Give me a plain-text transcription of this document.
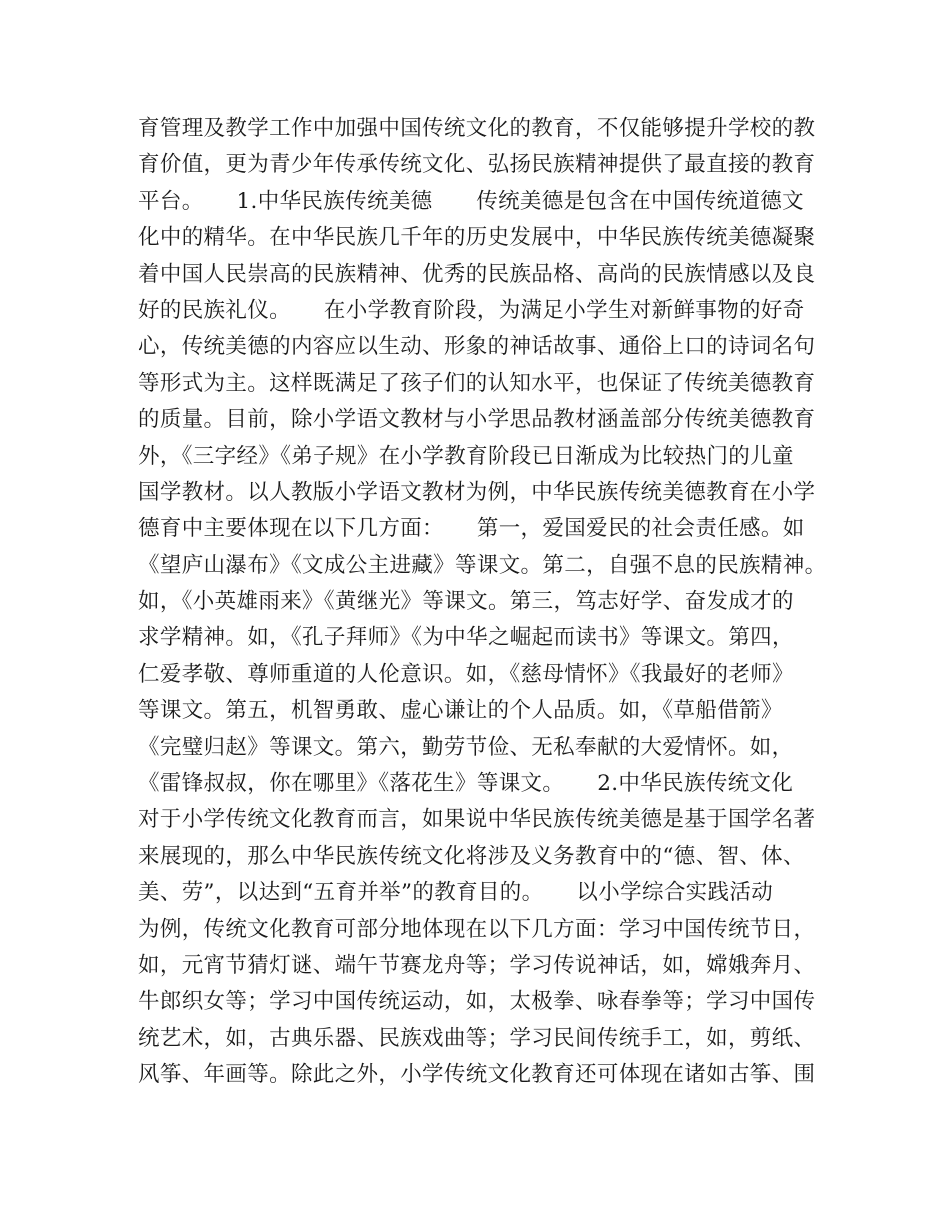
育管理及教学工作中加强中国传统文化的教育，不仅能够提升学校的教
育价值，更为青少年传承传统文化、弘扬民族精神提供了最直接的教育
平台。　　1.中华民族传统美德　　传统美德是包含在中国传统道德文
化中的精华。在中华民族几千年的历史发展中，中华民族传统美德凝聚
着中国人民崇高的民族精神、优秀的民族品格、高尚的民族情感以及良
好的民族礼仪。　　在小学教育阶段，为满足小学生对新鲜事物的好奇
心，传统美德的内容应以生动、形象的神话故事、通俗上口的诗词名句
等形式为主。这样既满足了孩子们的认知水平，也保证了传统美德教育
的质量。目前，除小学语文教材与小学思品教材涵盖部分传统美德教育
外，《三字经》《弟子规》在小学教育阶段已日渐成为比较热门的儿童
国学教材。以人教版小学语文教材为例，中华民族传统美德教育在小学
德育中主要体现在以下几方面：　　第一，爱国爱民的社会责任感。如
《望庐山瀑布》《文成公主进藏》等课文。第二，自强不息的民族精神。
如，《小英雄雨来》《黄继光》等课文。第三，笃志好学、奋发成才的
求学精神。如，《孔子拜师》《为中华之崛起而读书》等课文。第四，
仁爱孝敬、尊师重道的人伦意识。如，《慈母情怀》《我最好的老师》
等课文。第五，机智勇敢、虚心谦让的个人品质。如，《草船借箭》
《完璧归赵》等课文。第六，勤劳节俭、无私奉献的大爱情怀。如，
《雷锋叔叔，你在哪里》《落花生》等课文。　　2.中华民族传统文化
对于小学传统文化教育而言，如果说中华民族传统美德是基于国学名著
来展现的，那么中华民族传统文化将涉及义务教育中的“德、智、体、
美、劳”，以达到“五育并举”的教育目的。　　以小学综合实践活动
为例，传统文化教育可部分地体现在以下几方面：学习中国传统节日，
如，元宵节猜灯谜、端午节赛龙舟等；学习传说神话，如，嫦娥奔月、
牛郎织女等；学习中国传统运动，如，太极拳、咏春拳等；学习中国传
统艺术，如，古典乐器、民族戏曲等；学习民间传统手工，如，剪纸、
风筝、年画等。除此之外，小学传统文化教育还可体现在诸如古筝、围
